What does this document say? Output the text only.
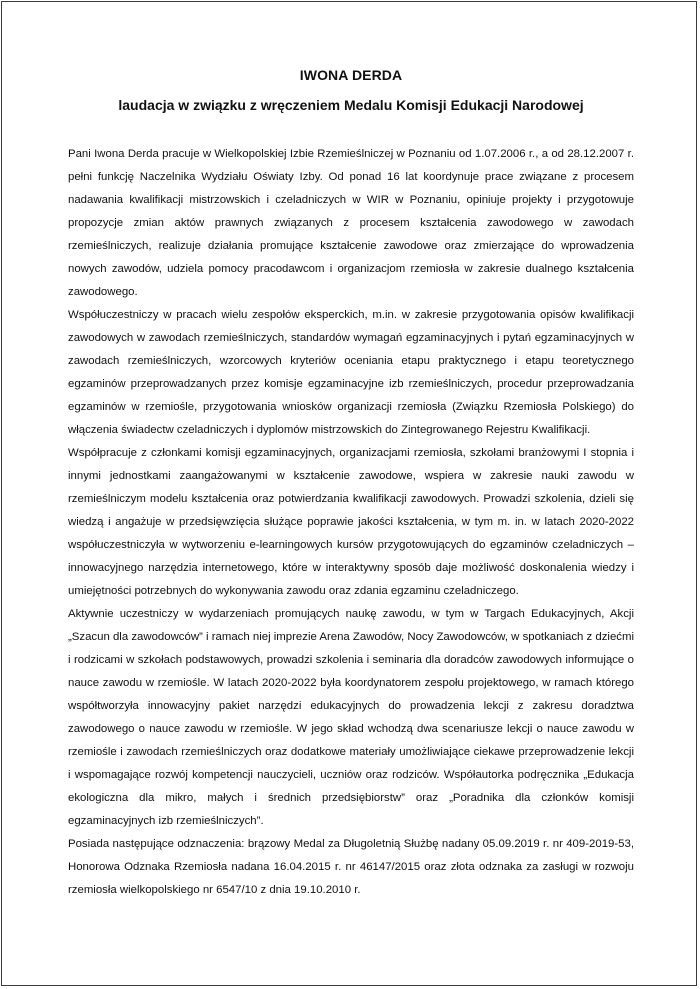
IWONA DERDA
laudacja w związku z wręczeniem Medalu Komisji Edukacji Narodowej

Pani Iwona Derda pracuje w Wielkopolskiej Izbie Rzemieślniczej w Poznaniu od 1.07.2006 r., a od 28.12.2007 r. pełni funkcję Naczelnika Wydziału Oświaty Izby. Od ponad 16 lat koordynuje prace związane z procesem nadawania kwalifikacji mistrzowskich i czeladniczych w WIR w Poznaniu, opiniuje projekty i przygotowuje propozycje zmian aktów prawnych związanych z procesem kształcenia zawodowego w zawodach rzemieślniczych, realizuje działania promujące kształcenie zawodowe oraz zmierzające do wprowadzenia nowych zawodów, udziela pomocy pracodawcom i organizacjom rzemiosła w zakresie dualnego kształcenia zawodowego.

Współuczestniczy w pracach wielu zespołów eksperckich, m.in. w zakresie przygotowania opisów kwalifikacji zawodowych w zawodach rzemieślniczych, standardów wymagań egzaminacyjnych i pytań egzaminacyjnych w zawodach rzemieślniczych, wzorcowych kryteriów oceniania etapu praktycznego i etapu teoretycznego egzaminów przeprowadzanych przez komisje egzaminacyjne izb rzemieślniczych, procedur przeprowadzania egzaminów w rzemiośle, przygotowania wniosków organizacji rzemiosła (Związku Rzemiosła Polskiego) do włączenia świadectw czeladniczych i dyplomów mistrzowskich do Zintegrowanego Rejestru Kwalifikacji.

Współpracuje z członkami komisji egzaminacyjnych, organizacjami rzemiosła, szkołami branżowymi I stopnia i innymi jednostkami zaangażowanymi w kształcenie zawodowe, wspiera w zakresie nauki zawodu w rzemieślniczym modelu kształcenia oraz potwierdzania kwalifikacji zawodowych. Prowadzi szkolenia, dzieli się wiedzą i angażuje w przedsięwzięcia służące poprawie jakości kształcenia, w tym m. in. w latach 2020-2022 współuczestniczyła w wytworzeniu e-learningowych kursów przygotowujących do egzaminów czeladniczych – innowacyjnego narzędzia internetowego, które w interaktywny sposób daje możliwość doskonalenia wiedzy i umiejętności potrzebnych do wykonywania zawodu oraz zdania egzaminu czeladniczego.

Aktywnie uczestniczy w wydarzeniach promujących naukę zawodu, w tym w Targach Edukacyjnych, Akcji „Szacun dla zawodowców” i ramach niej imprezie Arena Zawodów, Nocy Zawodowców, w spotkaniach z dziećmi i rodzicami w szkołach podstawowych, prowadzi szkolenia i seminaria dla doradców zawodowych informujące o nauce zawodu w rzemiośle. W latach 2020-2022 była koordynatorem zespołu projektowego, w ramach którego współtworzyła innowacyjny pakiet narzędzi edukacyjnych do prowadzenia lekcji z zakresu doradztwa zawodowego o nauce zawodu w rzemiośle. W jego skład wchodzą dwa scenariusze lekcji o nauce zawodu w rzemiośle i zawodach rzemieślniczych oraz dodatkowe materiały umożliwiające ciekawe przeprowadzenie lekcji i wspomagające rozwój kompetencji nauczycieli, uczniów oraz rodziców. Współautorka podręcznika „Edukacja ekologiczna dla mikro, małych i średnich przedsiębiorstw” oraz „Poradnika dla członków komisji egzaminacyjnych izb rzemieślniczych”.

Posiada następujące odznaczenia: brązowy Medal za Długoletnią Służbę nadany 05.09.2019 r. nr 409-2019-53, Honorowa Odznaka Rzemiosła nadana 16.04.2015 r. nr 46147/2015 oraz złota odznaka za zasługi w rozwoju rzemiosła wielkopolskiego nr 6547/10 z dnia 19.10.2010 r.
